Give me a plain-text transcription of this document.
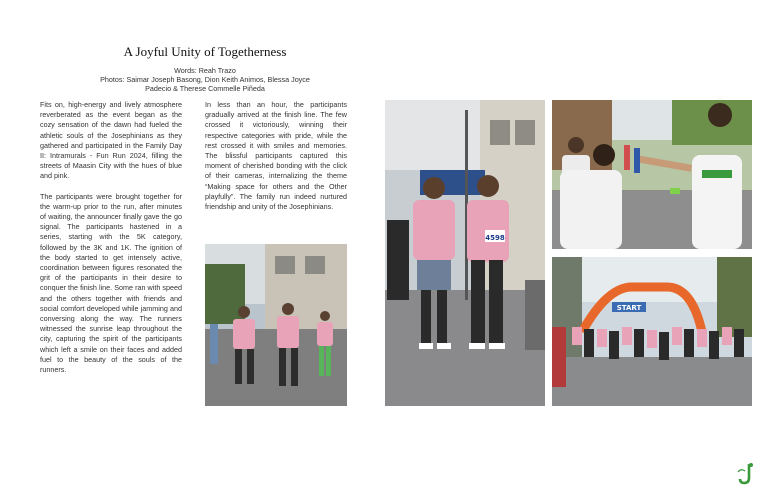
A Joyful Unity of Togetherness
Words: Reah Trazo
Photos: Saimar Joseph Basong, Dion Keith Animos, Blessa Joyce
Padecio & Therese Commelle Piñeda

Fits on, high-energy and lively atmosphere reverberated as the event began as the cozy sensation of the dawn had fueled the athletic souls of the Josephinians as they gathered and participated in the Family Day II: Intramurals - Fun Run 2024, filling the streets of Maasin City with the hues of blue and pink.

The participants were brought together for the warm-up prior to the run, after minutes of waiting, the announcer finally gave the go signal. The participants hastened in a series, starting with the 5K category, followed by the 3K and 1K. The ignition of the body started to get intensely active, coordination between figures resonated the grit of the participants in their desire to conquer the finish line. Some ran with speed and the others together with friends and social comfort developed while jamming and conversing along the way. The runners witnessed the sunrise leap throughout the city, capturing the spirit of the participants which left a smile on their faces and added fuel to the beauty of the souls of the runners.

In less than an hour, the participants gradually arrived at the finish line. The few crossed it victoriously, winning their respective categories with pride, while the rest crossed it with smiles and memories. The blissful participants captured this moment of cherished bonding with the click of their cameras, internalizing the theme “Making space for others and the Other playfully”. The family run indeed nurtured friendship and unity of the Josephinians.

4598
START
